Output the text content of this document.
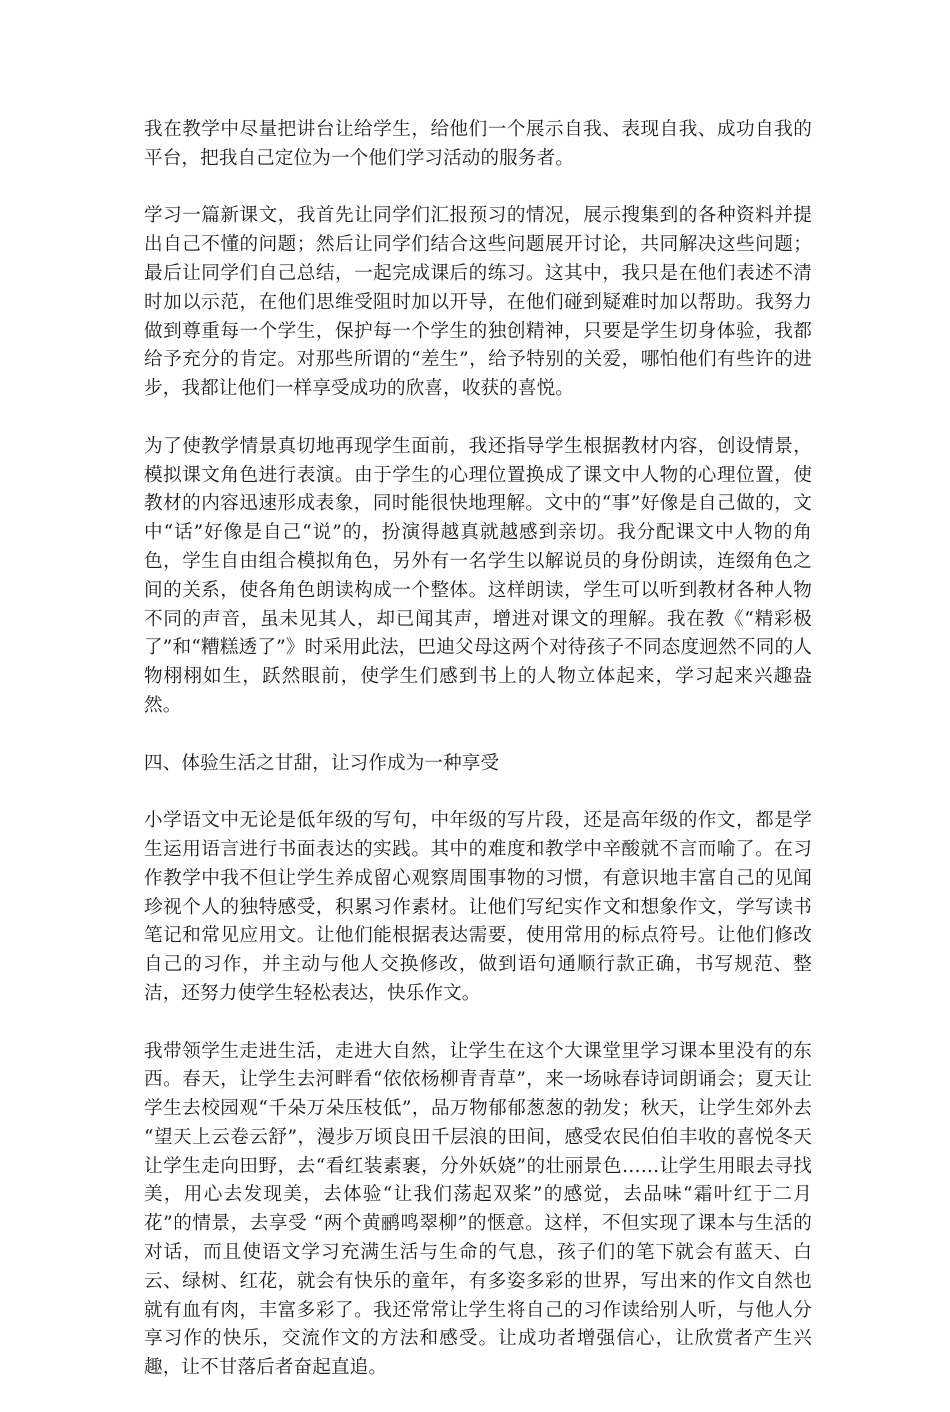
我在教学中尽量把讲台让给学生，给他们一个展示自我、表现自我、成功自我的平台，把我自己定位为一个他们学习活动的服务者。

学习一篇新课文，我首先让同学们汇报预习的情况，展示搜集到的各种资料并提出自己不懂的问题；然后让同学们结合这些问题展开讨论，共同解决这些问题；最后让同学们自己总结，一起完成课后的练习。这其中，我只是在他们表述不清时加以示范，在他们思维受阻时加以开导，在他们碰到疑难时加以帮助。我努力做到尊重每一个学生，保护每一个学生的独创精神，只要是学生切身体验，我都给予充分的肯定。对那些所谓的“差生”，给予特别的关爱，哪怕他们有些许的进步，我都让他们一样享受成功的欣喜，收获的喜悦。

为了使教学情景真切地再现学生面前，我还指导学生根据教材内容，创设情景，模拟课文角色进行表演。由于学生的心理位置换成了课文中人物的心理位置，使教材的内容迅速形成表象，同时能很快地理解。文中的“事”好像是自己做的，文中“话”好像是自己“说”的，扮演得越真就越感到亲切。我分配课文中人物的角色，学生自由组合模拟角色，另外有一名学生以解说员的身份朗读，连缀角色之间的关系，使各角色朗读构成一个整体。这样朗读，学生可以听到教材各种人物不同的声音，虽未见其人，却已闻其声，增进对课文的理解。我在教《“精彩极了”和“糟糕透了”》时采用此法，巴迪父母这两个对待孩子不同态度迥然不同的人物栩栩如生，跃然眼前，使学生们感到书上的人物立体起来，学习起来兴趣盎然。

四、体验生活之甘甜，让习作成为一种享受

小学语文中无论是低年级的写句，中年级的写片段，还是高年级的作文，都是学生运用语言进行书面表达的实践。其中的难度和教学中辛酸就不言而喻了。在习作教学中我不但让学生养成留心观察周围事物的习惯，有意识地丰富自己的见闻珍视个人的独特感受，积累习作素材。让他们写纪实作文和想象作文，学写读书笔记和常见应用文。让他们能根据表达需要，使用常用的标点符号。让他们修改自己的习作，并主动与他人交换修改，做到语句通顺行款正确，书写规范、整洁，还努力使学生轻松表达，快乐作文。

我带领学生走进生活，走进大自然，让学生在这个大课堂里学习课本里没有的东西。春天，让学生去河畔看“依依杨柳青青草”，来一场咏春诗词朗诵会；夏天让学生去校园观“千朵万朵压枝低”，品万物郁郁葱葱的勃发；秋天，让学生郊外去 “望天上云卷云舒”，漫步万顷良田千层浪的田间，感受农民伯伯丰收的喜悦冬天让学生走向田野，去“看红装素裹，分外妖娆”的壮丽景色……让学生用眼去寻找美，用心去发现美，去体验“让我们荡起双桨”的感觉，去品味“霜叶红于二月花”的情景，去享受 “两个黄鹂鸣翠柳”的惬意。这样，不但实现了课本与生活的对话，而且使语文学习充满生活与生命的气息，孩子们的笔下就会有蓝天、白云、绿树、红花，就会有快乐的童年，有多姿多彩的世界，写出来的作文自然也就有血有肉，丰富多彩了。我还常常让学生将自己的习作读给别人听，与他人分享习作的快乐，交流作文的方法和感受。让成功者增强信心，让欣赏者产生兴趣，让不甘落后者奋起直追。
